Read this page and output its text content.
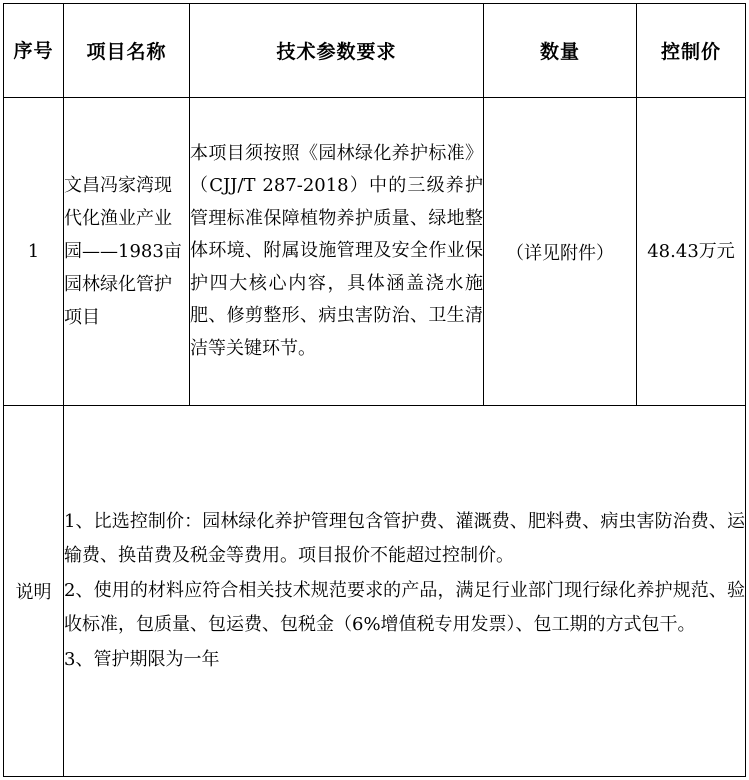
序号	项目名称	技术参数要求	数量	控制价
1	文昌冯家湾现代化渔业产业园——1983亩园林绿化管护项目	本项目须按照《园林绿化养护标准》（CJJ/T 287-2018）中的三级养护管理标准保障植物养护质量、绿地整体环境、附属设施管理及安全作业保护四大核心内容，具体涵盖浇水施肥、修剪整形、病虫害防治、卫生清洁等关键环节。	（详见附件）	48.43万元
说明	1、比选控制价：园林绿化养护管理包含管护费、灌溉费、肥料费、病虫害防治费、运输费、换苗费及税金等费用。项目报价不能超过控制价。
2、使用的材料应符合相关技术规范要求的产品，满足行业部门现行绿化养护规范、验收标准，包质量、包运费、包税金（6%增值税专用发票）、包工期的方式包干。
3、管护期限为一年			
